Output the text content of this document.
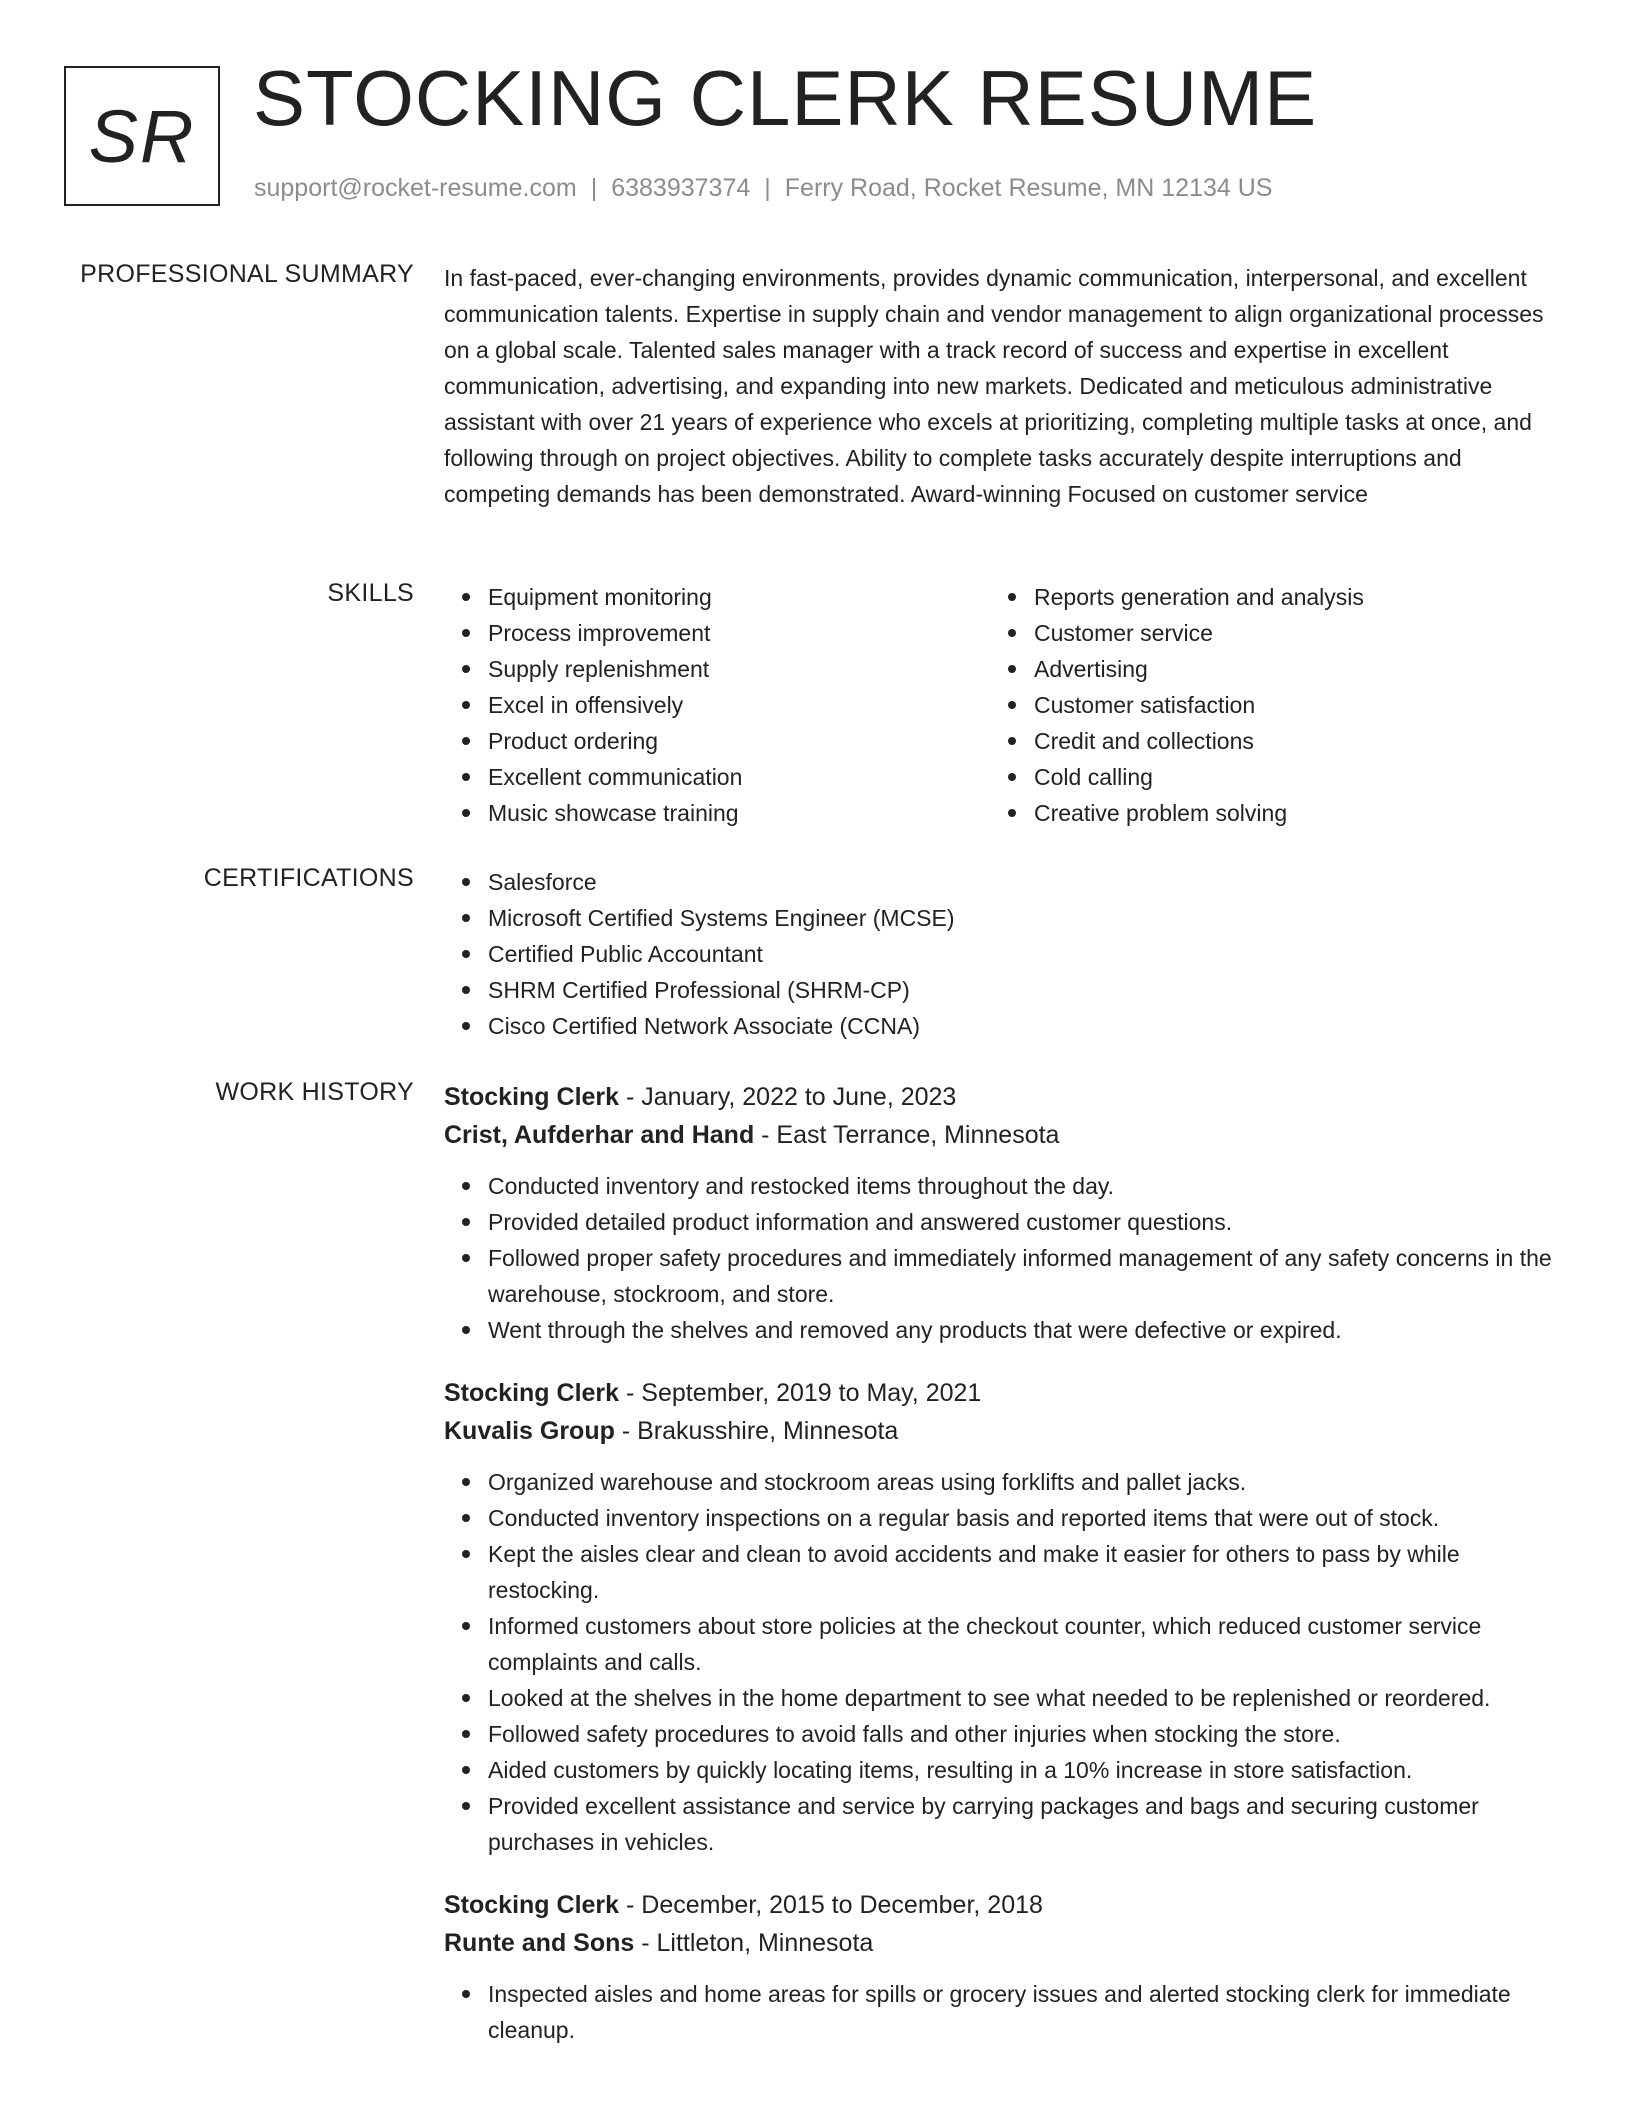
SR STOCKING CLERK RESUME
support@rocket-resume.com | 6383937374 | Ferry Road, Rocket Resume, MN 12134 US
PROFESSIONAL SUMMARY In fast-paced, ever-changing environments, provides dynamic communication, interpersonal, and excellent communication talents. Expertise in supply chain and vendor management to align organizational processes on a global scale. Talented sales manager with a track record of success and expertise in excellent communication, advertising, and expanding into new markets. Dedicated and meticulous administrative assistant with over 21 years of experience who excels at prioritizing, completing multiple tasks at once, and following through on project objectives. Ability to complete tasks accurately despite interruptions and competing demands has been demonstrated. Award-winning Focused on customer service

SKILLS	Equipment monitoring
Process improvement
Supply replenishment
Excel in offensively
Product ordering
Excellent communication
Music showcase training
Reports generation and analysis
Customer service
Advertising
Customer satisfaction
Credit and collections
Cold calling
Creative problem solving
CERTIFICATIONS	Salesforce
Microsoft Certified Systems Engineer (MCSE)
Certified Public Accountant
SHRM Certified Professional (SHRM-CP)
Cisco Certified Network Associate (CCNA)
WORK HISTORY Stocking Clerk - January, 2022 to June, 2023
Crist, Aufderhar and Hand - East Terrance, Minnesota
Conducted inventory and restocked items throughout the day.
Provided detailed product information and answered customer questions.
Followed proper safety procedures and immediately informed management of any safety concerns in the warehouse, stockroom, and store.
Went through the shelves and removed any products that were defective or expired.
Stocking Clerk - September, 2019 to May, 2021
Kuvalis Group - Brakusshire, Minnesota
Organized warehouse and stockroom areas using forklifts and pallet jacks.
Conducted inventory inspections on a regular basis and reported items that were out of stock.
Kept the aisles clear and clean to avoid accidents and make it easier for others to pass by while restocking.
Informed customers about store policies at the checkout counter, which reduced customer service complaints and calls.
Looked at the shelves in the home department to see what needed to be replenished or reordered.
Followed safety procedures to avoid falls and other injuries when stocking the store.
Aided customers by quickly locating items, resulting in a 10% increase in store satisfaction.
Provided excellent assistance and service by carrying packages and bags and securing customer purchases in vehicles.
Stocking Clerk - December, 2015 to December, 2018
Runte and Sons - Littleton, Minnesota
Inspected aisles and home areas for spills or grocery issues and alerted stocking clerk for immediate cleanup.
